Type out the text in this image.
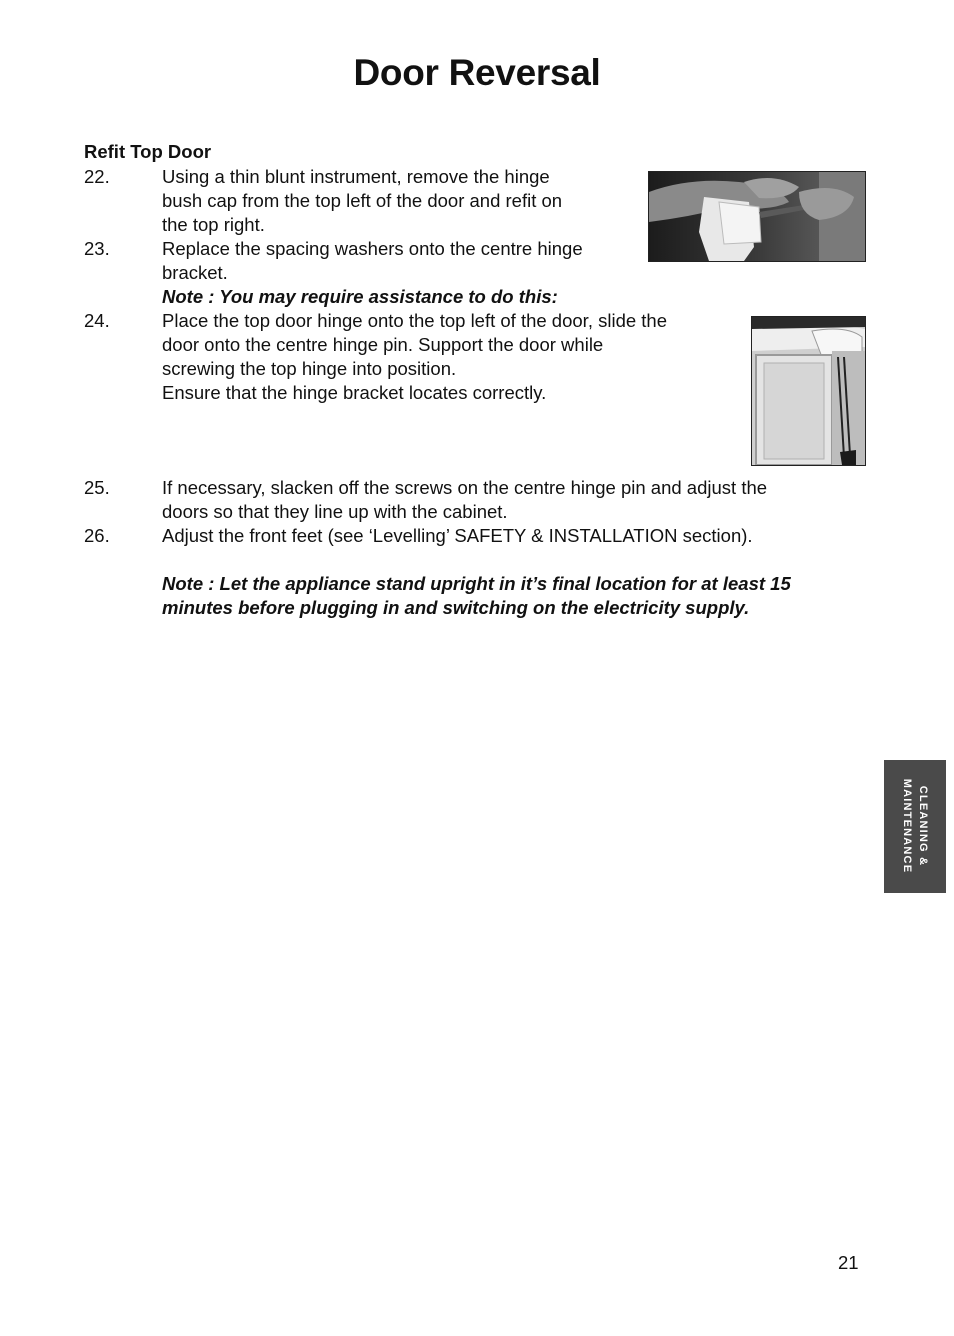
Door Reversal
Refit Top Door
22.	Using a thin blunt instrument, remove the hinge
bush cap from the top left of the door and refit on
the top right.
23.	Replace the spacing washers onto the centre hinge
bracket.
Note : You may require assistance to do this:
24.	Place the top door hinge onto the top left of the door, slide the
door onto the centre hinge pin. Support the door while
screwing the top hinge into position.
Ensure that the hinge bracket locates correctly.
25.	If necessary, slacken off the screws on the centre hinge pin and adjust the
doors so that they line up with the cabinet.
26.	Adjust the front feet (see ‘Levelling’ SAFETY & INSTALLATION section).
Note : Let the appliance stand upright in it’s final location for at least 15
minutes before plugging in and switching on the electricity supply.
CLEANING &
MAINTENANCE
21
